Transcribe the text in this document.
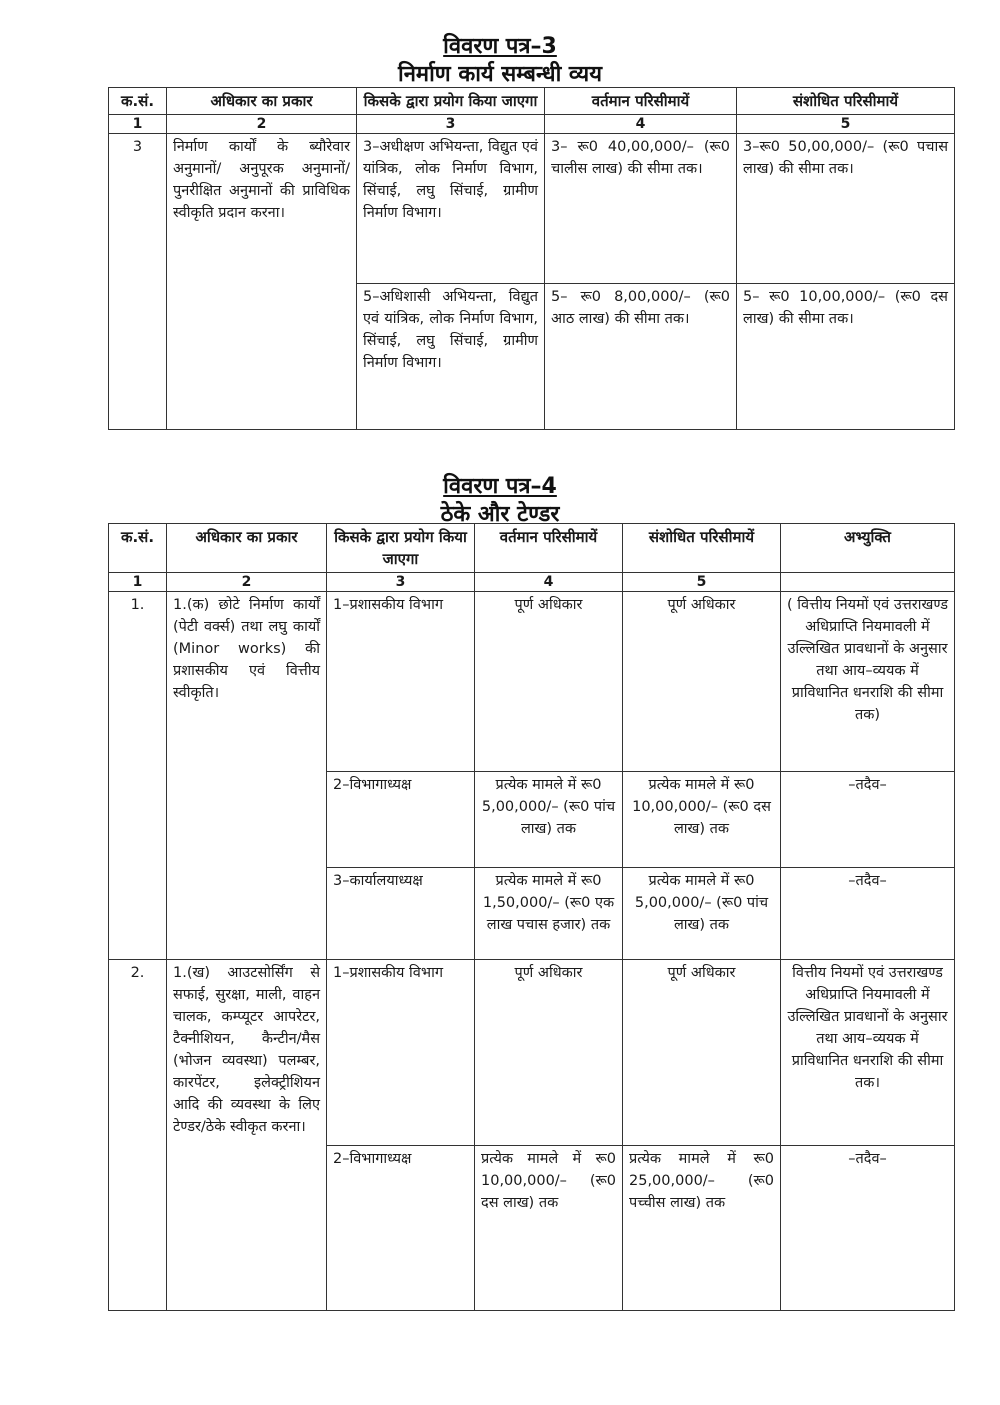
विवरण पत्र–3
निर्माण कार्य सम्बन्धी व्यय
क.सं.	अधिकार का प्रकार	किसके द्वारा प्रयोग किया जाएगा	वर्तमान परिसीमायें	संशोधित परिसीमायें
1	2	3	4	5
3	निर्माण कार्यों के ब्यौरेवार अनुमानों/ अनुपूरक अनुमानों/ पुनरीक्षित अनुमानों की प्राविधिक स्वीकृति प्रदान करना।	3–अधीक्षण अभियन्ता, विद्युत एवं यांत्रिक, लोक निर्माण विभाग, सिंचाई, लघु सिंचाई, ग्रामीण निर्माण विभाग।	3– रू0 40,00,000/– (रू0 चालीस लाख) की सीमा तक।	3–रू0 50,00,000/– (रू0 पचास लाख) की सीमा तक।
		5–अधिशासी अभियन्ता, विद्युत एवं यांत्रिक, लोक निर्माण विभाग, सिंचाई, लघु सिंचाई, ग्रामीण निर्माण विभाग।	5– रू0 8,00,000/– (रू0 आठ लाख) की सीमा तक।	5– रू0 10,00,000/– (रू0 दस लाख) की सीमा तक।
विवरण पत्र–4
ठेके और टेण्डर
क.सं.	अधिकार का प्रकार	किसके द्वारा प्रयोग किया जाएगा	वर्तमान परिसीमायें	संशोधित परिसीमायें	अभ्युक्ति
1	2	3	4	5	
1.	1.(क) छोटे निर्माण कार्यों (पेटी वर्क्स) तथा लघु कार्यों (Minor works) की प्रशासकीय एवं वित्तीय स्वीकृति।	1–प्रशासकीय विभाग	पूर्ण अधिकार	पूर्ण अधिकार	( वित्तीय नियमों एवं उत्तराखण्ड अधिप्राप्ति नियमावली में उल्लिखित प्रावधानों के अनुसार तथा आय–व्ययक में प्राविधानित धनराशि की सीमा तक)
		2–विभागाध्यक्ष	प्रत्येक मामले में रू0 5,00,000/– (रू0 पांच लाख) तक	प्रत्येक मामले में रू0 10,00,000/– (रू0 दस लाख) तक	–तदैव–
		3–कार्यालयाध्यक्ष	प्रत्येक मामले में रू0 1,50,000/– (रू0 एक लाख पचास हजार) तक	प्रत्येक मामले में रू0 5,00,000/– (रू0 पांच लाख) तक	–तदैव–
2.	1.(ख) आउटसोर्सिंग से सफाई, सुरक्षा, माली, वाहन चालक, कम्प्यूटर आपरेटर, टैक्नीशियन, कैन्टीन/मैस (भोजन व्यवस्था) पलम्बर, कारपेंटर, इलेक्ट्रीशियन आदि की व्यवस्था के लिए टेण्डर/ठेके स्वीकृत करना।	1–प्रशासकीय विभाग	पूर्ण अधिकार	पूर्ण अधिकार	वित्तीय नियमों एवं उत्तराखण्ड अधिप्राप्ति नियमावली में उल्लिखित प्रावधानों के अनुसार तथा आय–व्ययक में प्राविधानित धनराशि की सीमा तक।
		2–विभागाध्यक्ष	प्रत्येक मामले में रू0 10,00,000/– (रू0 दस लाख) तक	प्रत्येक मामले में रू0 25,00,000/– (रू0 पच्चीस लाख) तक	–तदैव–
